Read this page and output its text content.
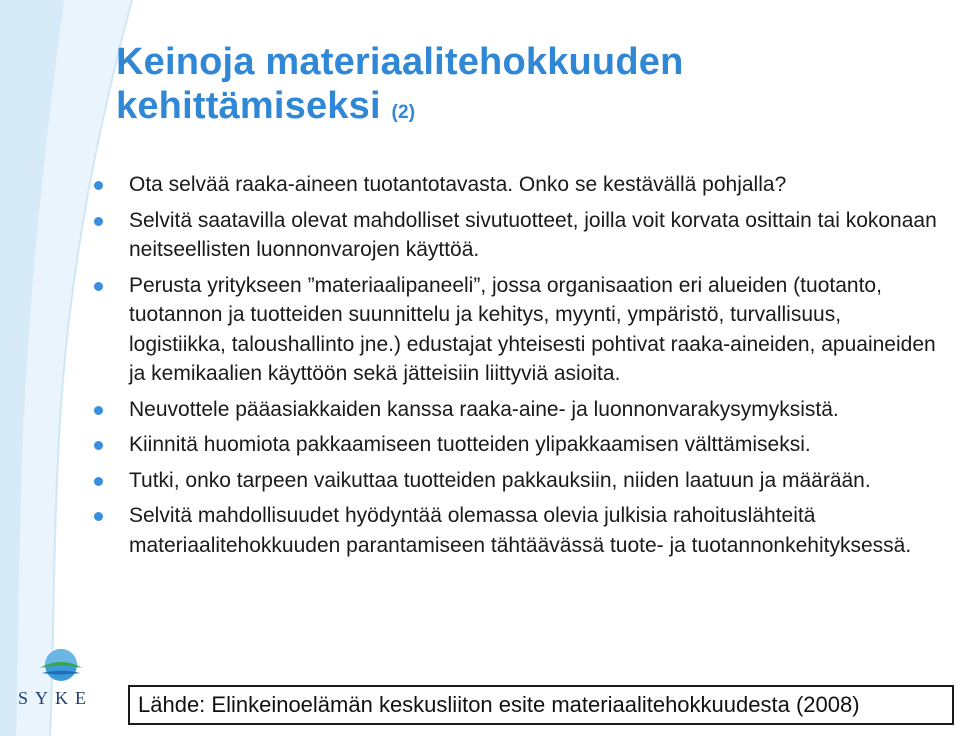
Keinoja materiaalitehokkuuden kehittämiseksi (2)
Ota selvää raaka-aineen tuotantotavasta. Onko se kestävällä pohjalla?
Selvitä saatavilla olevat mahdolliset sivutuotteet, joilla voit korvata osittain tai kokonaan neitseellisten luonnonvarojen käyttöä.
Perusta yritykseen ”materiaalipaneeli”, jossa organisaation eri alueiden (tuotanto, tuotannon ja tuotteiden suunnittelu ja kehitys, myynti, ympäristö, turvallisuus, logistiikka, taloushallinto jne.) edustajat yhteisesti pohtivat raaka-aineiden, apuaineiden ja kemikaalien käyttöön sekä jätteisiin liittyviä asioita.
Neuvottele pääasiakkaiden kanssa raaka-aine- ja luonnonvarakysymyksistä.
Kiinnitä huomiota pakkaamiseen tuotteiden ylipakkaamisen välttämiseksi.
Tutki, onko tarpeen vaikuttaa tuotteiden pakkauksiin, niiden laatuun ja määrään.
Selvitä mahdollisuudet hyödyntää olemassa olevia julkisia rahoituslähteitä materiaalitehokkuuden parantamiseen tähtäävässä tuote- ja tuotannonkehityksessä.
SYKE	Lähde: Elinkeinoelämän keskusliiton esite materiaalitehokkuudesta (2008)
